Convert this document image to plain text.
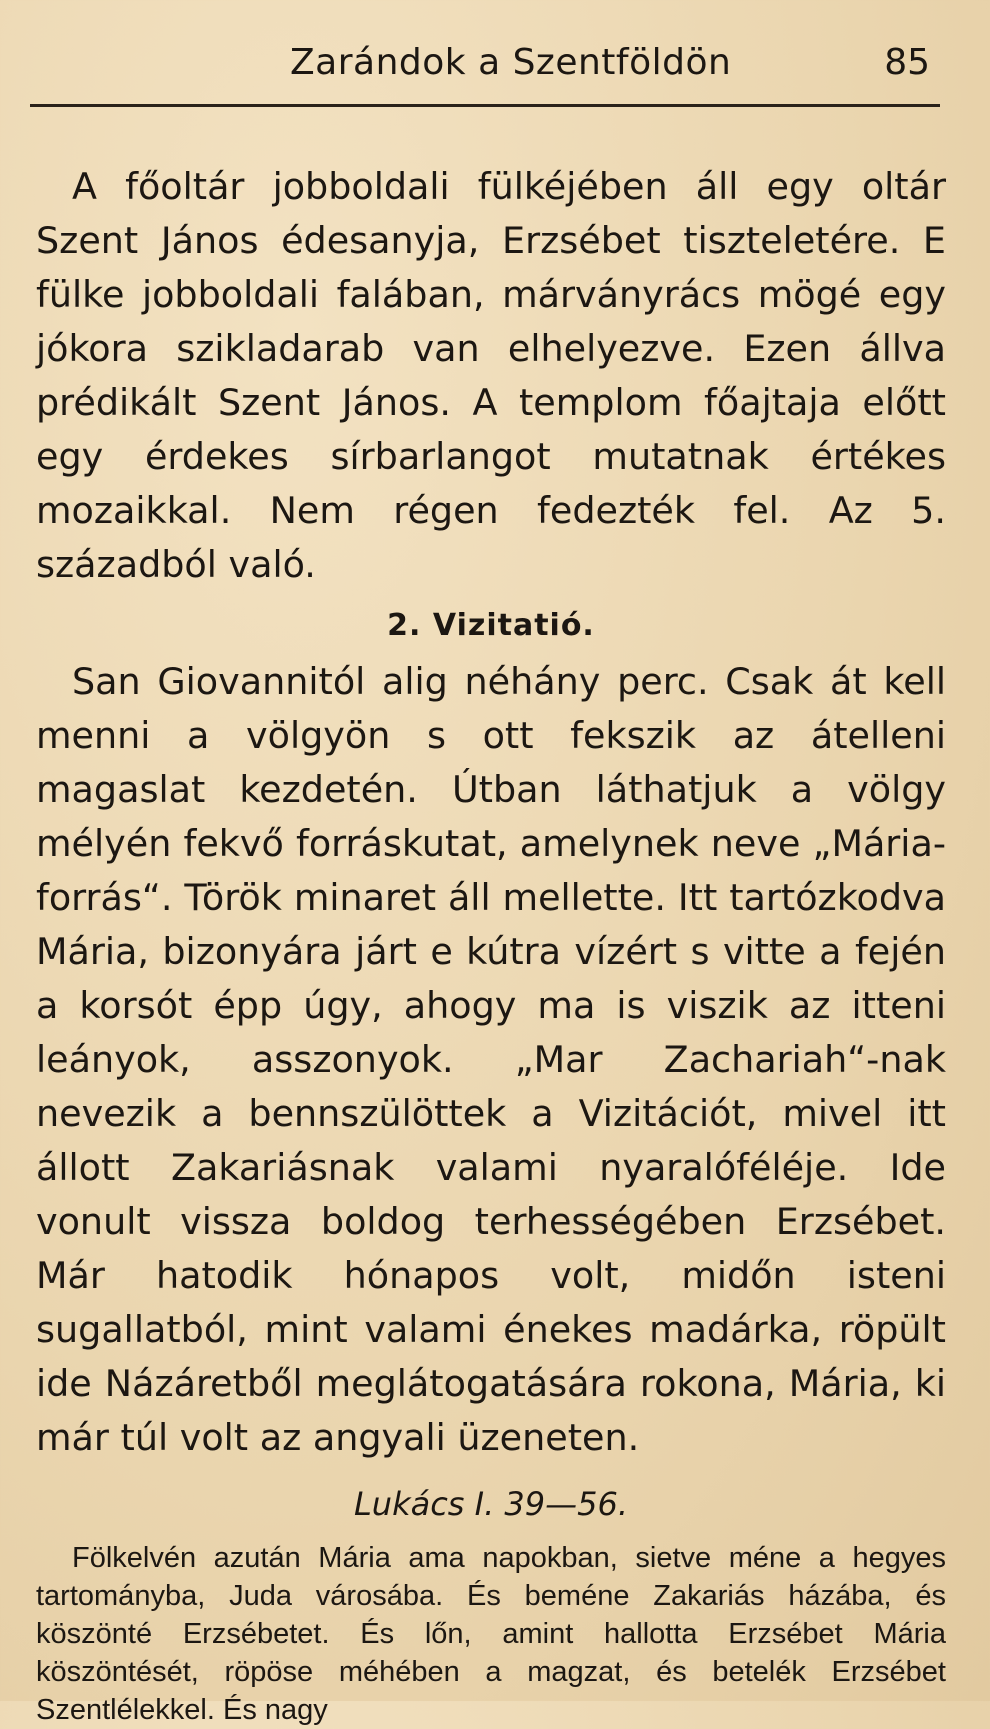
Zarándok a Szentföldön	85

A főoltár jobboldali fülkéjében áll egy oltár Szent János édesanyja, Erzsébet tiszteletére. E fülke jobboldali falában, márványrács mögé egy jókora szikladarab van elhelyezve. Ezen állva prédikált Szent János. A templom főajtaja előtt egy érdekes sírbarlangot mutatnak értékes mozaikkal. Nem régen fedezték fel. Az 5. századból való.

2. Vizitatió.

San Giovannitól alig néhány perc. Csak át kell menni a völgyön s ott fekszik az átelleni magaslat kezdetén. Útban láthatjuk a völgy mélyén fekvő forráskutat, amelynek neve „Mária-forrás“. Török minaret áll mellette. Itt tartózkodva Mária, bizonyára járt e kútra vízért s vitte a fején a korsót épp úgy, ahogy ma is viszik az itteni leányok, asszonyok. „Mar Zachariah“-nak nevezik a bennszülöttek a Vizitációt, mivel itt állott Zakariásnak valami nyaralóféléje. Ide vonult vissza boldog terhességében Erzsébet. Már hatodik hónapos volt, midőn isteni sugallatból, mint valami énekes madárka, röpült ide Názáretből meglátogatására rokona, Mária, ki már túl volt az angyali üzeneten.

Lukács I. 39—56.

Fölkelvén azután Mária ama napokban, sietve méne a hegyes tartományba, Juda városába. És beméne Zakariás házába, és köszönté Erzsébetet. És lőn, amint hallotta Erzsébet Mária köszöntését, röpöse méhében a magzat, és betelék Erzsébet Szentlélekkel. És nagy
